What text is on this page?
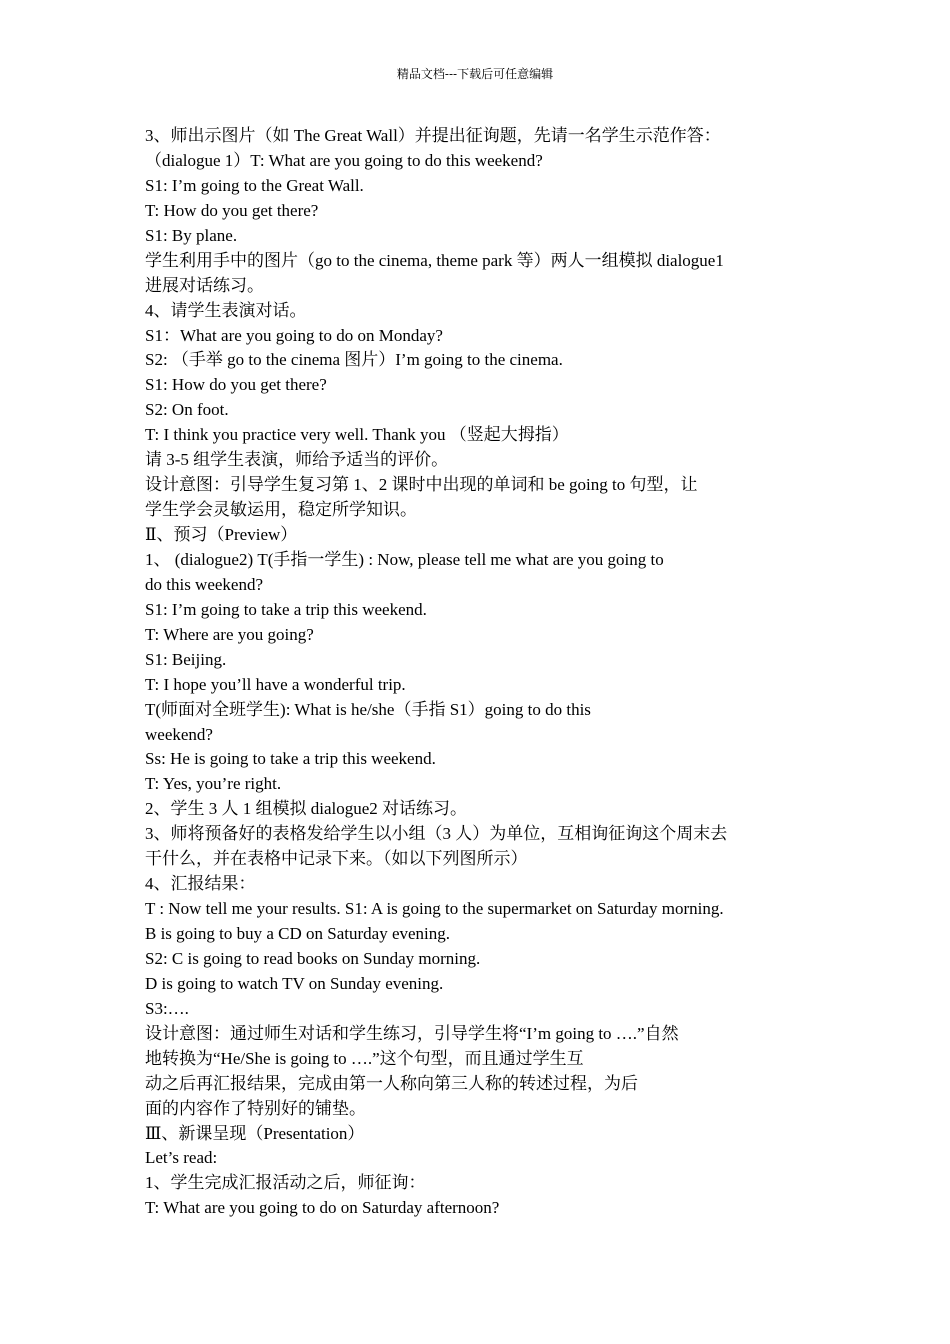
精品文档---下载后可任意编辑
3、师出示图片（如 The Great Wall）并提出征询题，先请一名学生示范作答：
（dialogue 1）T: What are you going to do this weekend?
S1: I’m going to the Great Wall.
T: How do you get there?
S1: By plane.
学生利用手中的图片（go to the cinema, theme park 等）两人一组模拟 dialogue1
进展对话练习。
4、请学生表演对话。
S1：What are you going to do on Monday?
S2: （手举 go to the cinema 图片）I’m going to the cinema.
S1: How do you get there?
S2: On foot.
T: I think you practice very well. Thank you （竖起大拇指）
请 3-5 组学生表演，师给予适当的评价。
设计意图：引导学生复习第 1、2 课时中出现的单词和 be going to 句型，让
学生学会灵敏运用，稳定所学知识。
Ⅱ、预习（Preview）
1、 (dialogue2) T(手指一学生) : Now, please tell me what are you going to
do this weekend?
S1: I’m going to take a trip this weekend.
T: Where are you going?
S1: Beijing.
T: I hope you’ll have a wonderful trip.
T(师面对全班学生): What is he/she（手指 S1）going to do this
weekend?
Ss: He is going to take a trip this weekend.
T: Yes, you’re right.
2、学生 3 人 1 组模拟 dialogue2 对话练习。
3、师将预备好的表格发给学生以小组（3 人）为单位，互相询征询这个周末去
干什么，并在表格中记录下来。（如以下列图所示）
4、汇报结果：
T : Now tell me your results. S1: A is going to the supermarket on Saturday morning.
B is going to buy a CD on Saturday evening.
S2: C is going to read books on Sunday morning.
D is going to watch TV on Sunday evening.
S3:….
设计意图：通过师生对话和学生练习，引导学生将“I’m going to ….”自然
地转换为“He/She is going to ….”这个句型，而且通过学生互
动之后再汇报结果，完成由第一人称向第三人称的转述过程，为后
面的内容作了特别好的铺垫。
Ⅲ、新课呈现（Presentation）
Let’s read:
1、学生完成汇报活动之后，师征询：
T: What are you going to do on Saturday afternoon?
